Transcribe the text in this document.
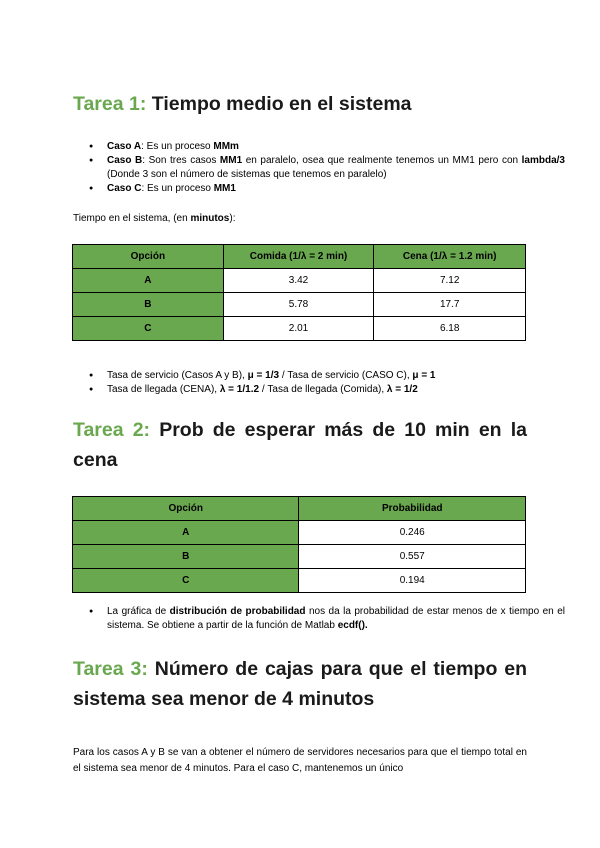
Tarea 1: Tiempo medio en el sistema
● Caso A: Es un proceso MMm
● Caso B: Son tres casos MM1 en paralelo, osea que realmente tenemos un MM1 pero con lambda/3 (Donde 3 son el número de sistemas que tenemos en paralelo)
● Caso C: Es un proceso MM1

Tiempo en el sistema, (en minutos):

Opción	Comida (1/λ = 2 min)	Cena (1/λ = 1.2 min)
A	3.42	7.12
B	5.78	17.7
C	2.01	6.18
● Tasa de servicio (Casos A y B), μ = 1/3 / Tasa de servicio (CASO C), μ = 1
● Tasa de llegada (CENA), λ = 1/1.2 / Tasa de llegada (Comida), λ = 1/2
Tarea 2: Prob de esperar más de 10 min en la cena
Opción	Probabilidad
A	0.246
B	0.557
C	0.194
● La gráfica de distribución de probabilidad nos da la probabilidad de estar menos de x tiempo en el sistema. Se obtiene a partir de la función de Matlab ecdf().
Tarea 3: Número de cajas para que el tiempo en sistema sea menor de 4 minutos

Para los casos A y B se van a obtener el número de servidores necesarios para que el tiempo total en el sistema sea menor de 4 minutos. Para el caso C, mantenemos un único
